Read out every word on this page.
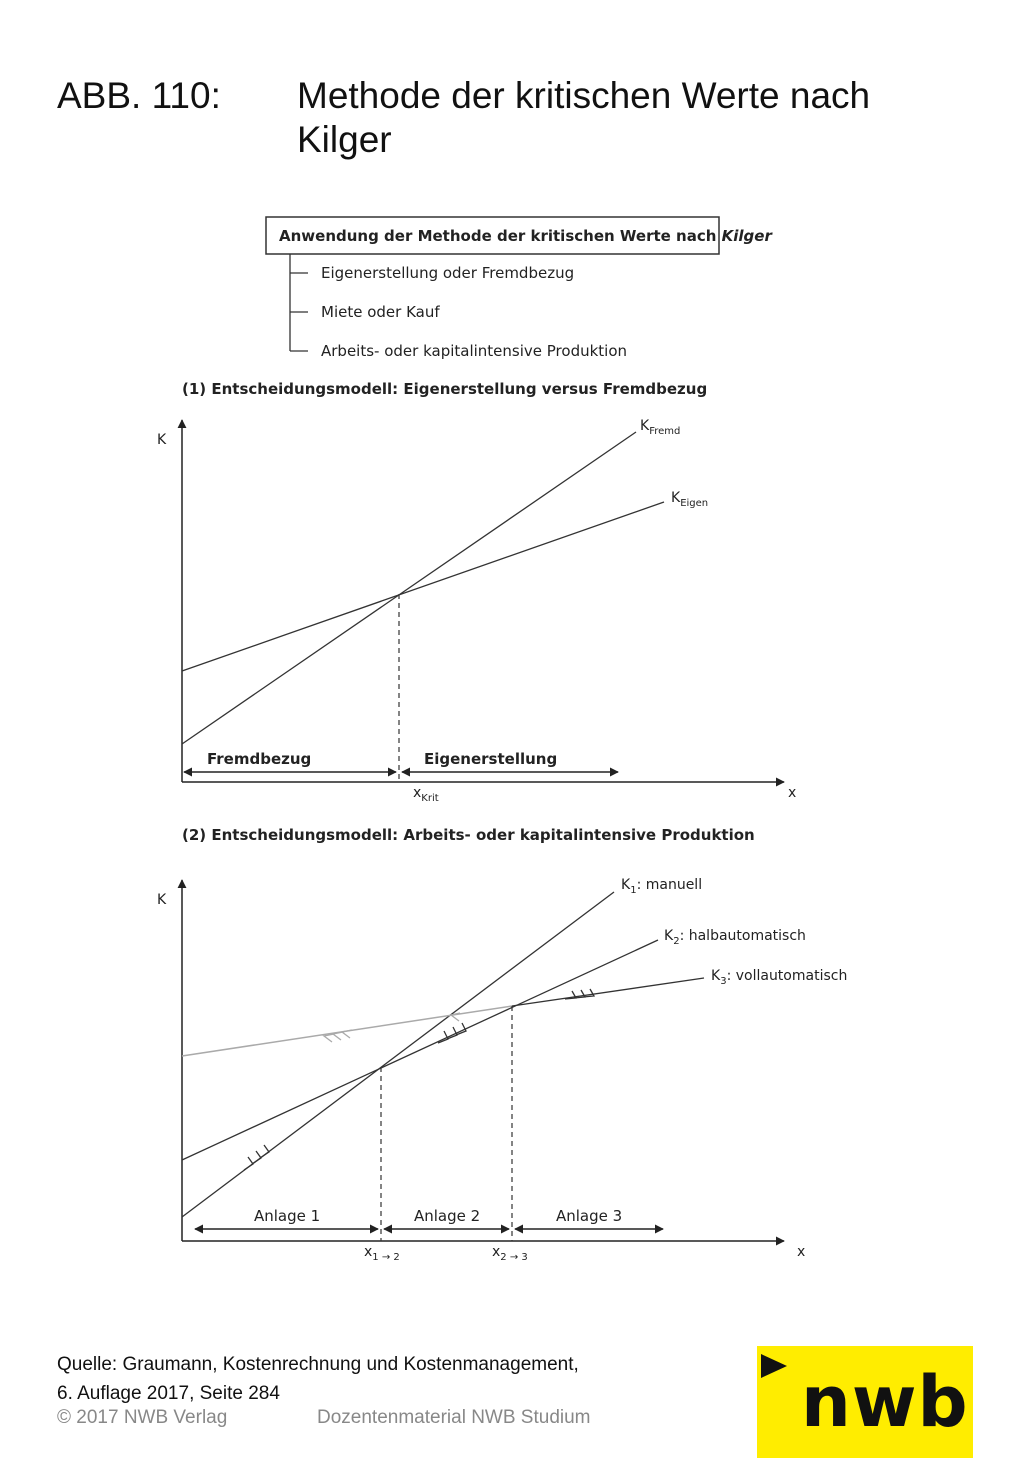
ABB. 110: Methode der kritischen Werte nach Kilger
Anwendung der Methode der kritischen Werte nach Kilger
Eigenerstellung oder Fremdbezug
Miete oder Kauf
Arbeits- oder kapitalintensive Produktion
(1) Entscheidungsmodell: Eigenerstellung versus Fremdbezug
K
x
$K_{Fremd}$
$K_{Eigen}$
Fremdbezug	Eigenerstellung
$x_{Krit}$
(2) Entscheidungsmodell: Arbeits- oder kapitalintensive Produktion
K
x
$K_1$: manuell
$K_2$: halbautomatisch
$K_3$: vollautomatisch
Anlage 1	Anlage 2	Anlage 3
$x_{1 \to 2}$	$x_{2 \to 3}$
Quelle: Graumann, Kostenrechnung und Kostenmanagement,
6. Auflage 2017, Seite 284
© 2017 NWB Verlag	Dozentenmaterial NWB Studium	nwb
